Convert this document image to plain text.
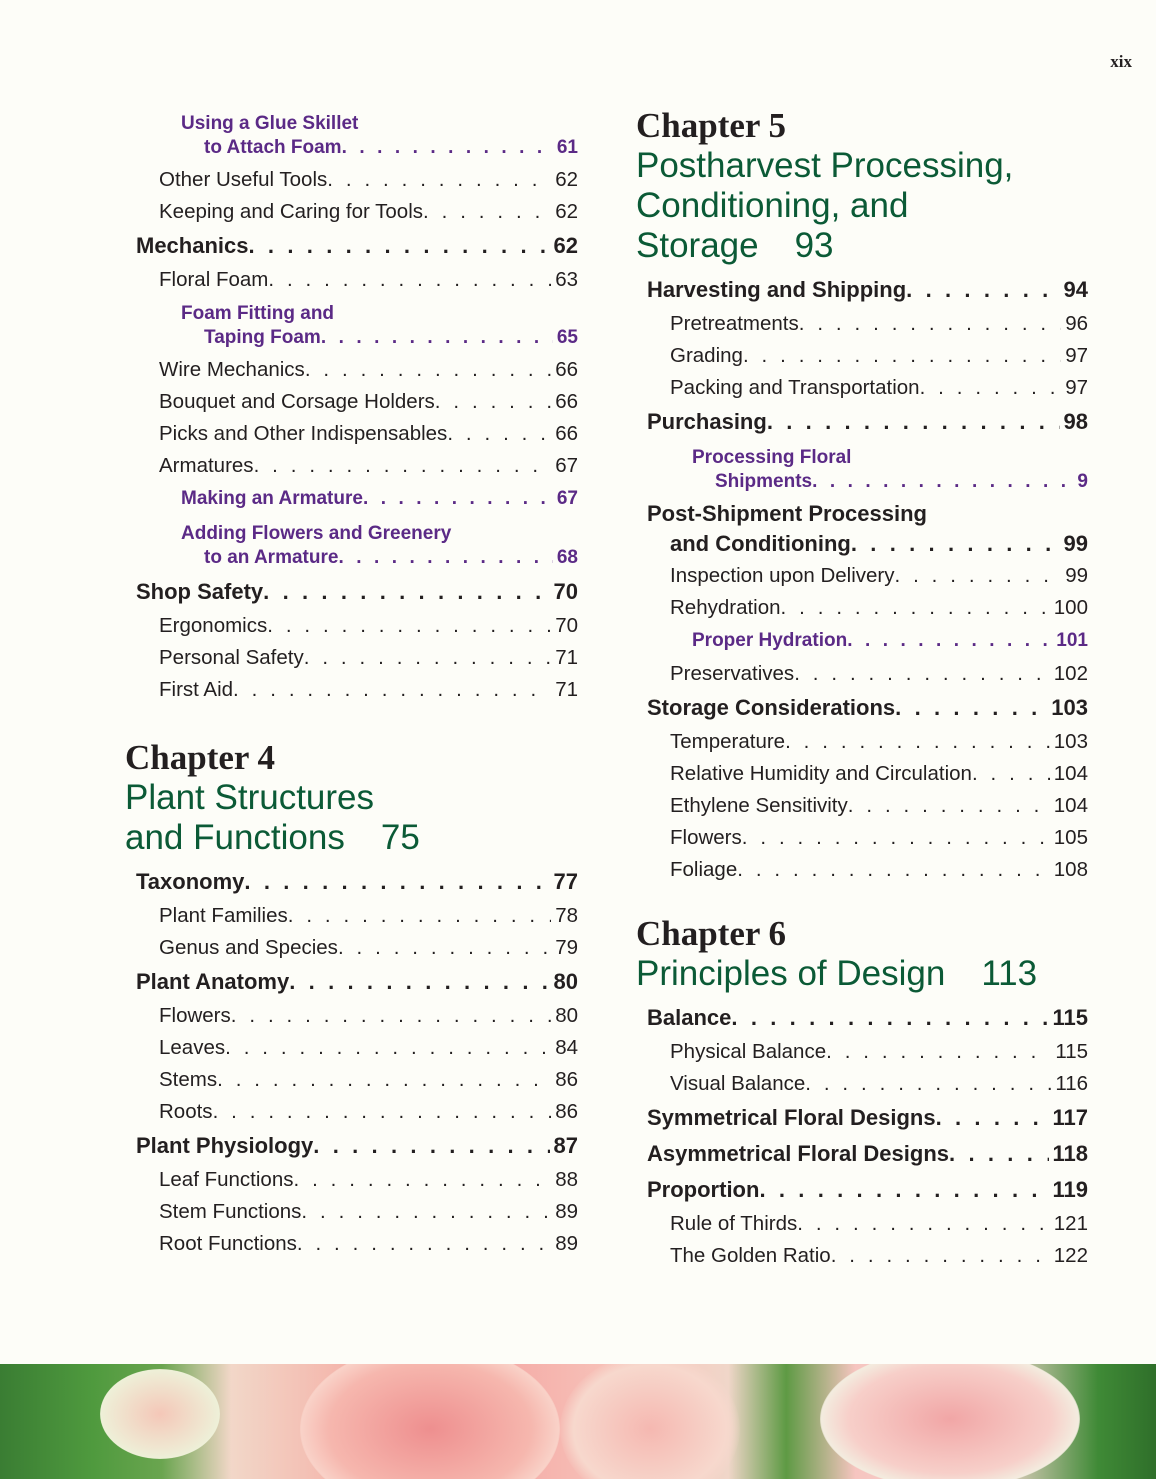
xix
Using a Glue Skillet
to Attach Foam . . .	61
Other Useful Tools . . .	62
Keeping and Caring for Tools . . .	62
Mechanics . . .	62
Floral Foam . . .	63
Foam Fitting and
Taping Foam . . .	65
Wire Mechanics . . .	66
Bouquet and Corsage Holders . . .	66
Picks and Other Indispensables . . .	66
Armatures . . .	67
Making an Armature . . .	67
Adding Flowers and Greenery
to an Armature . . .	68
Shop Safety . . .	70
Ergonomics . . .	70
Personal Safety . . .	71
First Aid . . .	71
Chapter 4
Plant Structures
and Functions 75
Taxonomy . . .	77
Plant Families . . .	78
Genus and Species . . .	79
Plant Anatomy . . .	80
Flowers . . .	80
Leaves . . .	84
Stems . . .	86
Roots . . .	86
Plant Physiology . . .	87
Leaf Functions . . .	88
Stem Functions . . .	89
Root Functions . . .	89
Chapter 5
Postharvest Processing,
Conditioning, and Storage 93
Harvesting and Shipping . . .	94
Pretreatments . . .	96
Grading . . .	97
Packing and Transportation . . .	97
Purchasing . . .	98
Processing Floral
Shipments . . .	9
Post-Shipment Processing
and Conditioning . . .	99
Inspection upon Delivery . . .	99
Rehydration . . .	100
Proper Hydration . . .	101
Preservatives . . .	102
Storage Considerations . . .	103
Temperature . . .	103
Relative Humidity and Circulation . . .	104
Ethylene Sensitivity . . .	104
Flowers . . .	105
Foliage . . .	108
Chapter 6
Principles of Design 113
Balance . . .	115
Physical Balance . . .	115
Visual Balance . . .	116
Symmetrical Floral Designs . . .	117
Asymmetrical Floral Designs . . .	118
Proportion . . .	119
Rule of Thirds . . .	121
The Golden Ratio . . .	122
